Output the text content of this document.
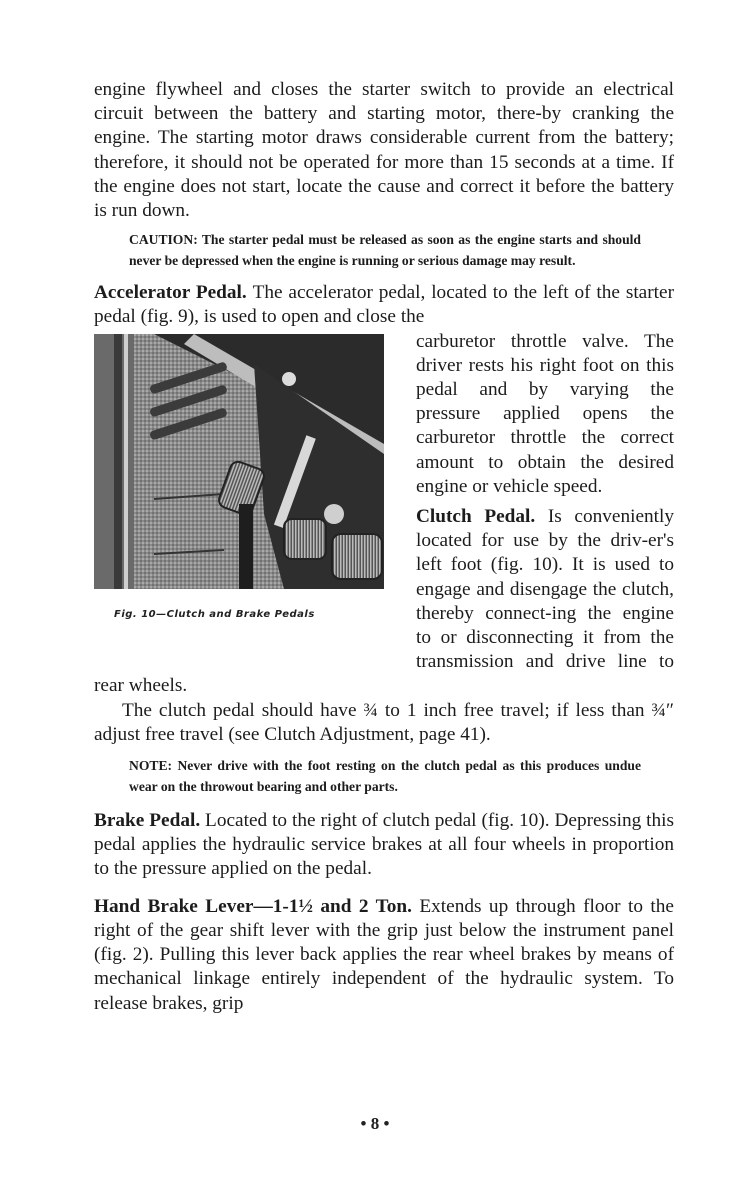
engine flywheel and closes the starter switch to provide an electrical circuit between the battery and starting motor, there-by cranking the engine. The starting motor draws considerable current from the battery; therefore, it should not be operated for more than 15 seconds at a time. If the engine does not start, locate the cause and correct it before the battery is run down.

CAUTION: The starter pedal must be released as soon as the engine starts and should never be depressed when the engine is running or serious damage may result.

Accelerator Pedal. The accelerator pedal, located to the left of the starter pedal (fig. 9), is used to open and close the

Fig. 10—Clutch and Brake Pedals

carburetor throttle valve. The driver rests his right foot on this pedal and by varying the pressure applied opens the carburetor throttle the correct amount to obtain the desired engine or vehicle speed.

Clutch Pedal. Is conveniently located for use by the driv-er's left foot (fig. 10). It is used to engage and disengage the clutch, thereby connect-ing the engine to or disconnecting it from the transmission and drive line to rear wheels.

The clutch pedal should have ¾ to 1 inch free travel; if less than ¾″ adjust free travel (see Clutch Adjustment, page 41).

NOTE: Never drive with the foot resting on the clutch pedal as this produces undue wear on the throwout bearing and other parts.

Brake Pedal. Located to the right of clutch pedal (fig. 10). Depressing this pedal applies the hydraulic service brakes at all four wheels in proportion to the pressure applied on the pedal.

Hand Brake Lever—1-1½ and 2 Ton. Extends up through floor to the right of the gear shift lever with the grip just below the instrument panel (fig. 2). Pulling this lever back applies the rear wheel brakes by means of mechanical linkage entirely independent of the hydraulic system. To release brakes, grip

• 8 •
